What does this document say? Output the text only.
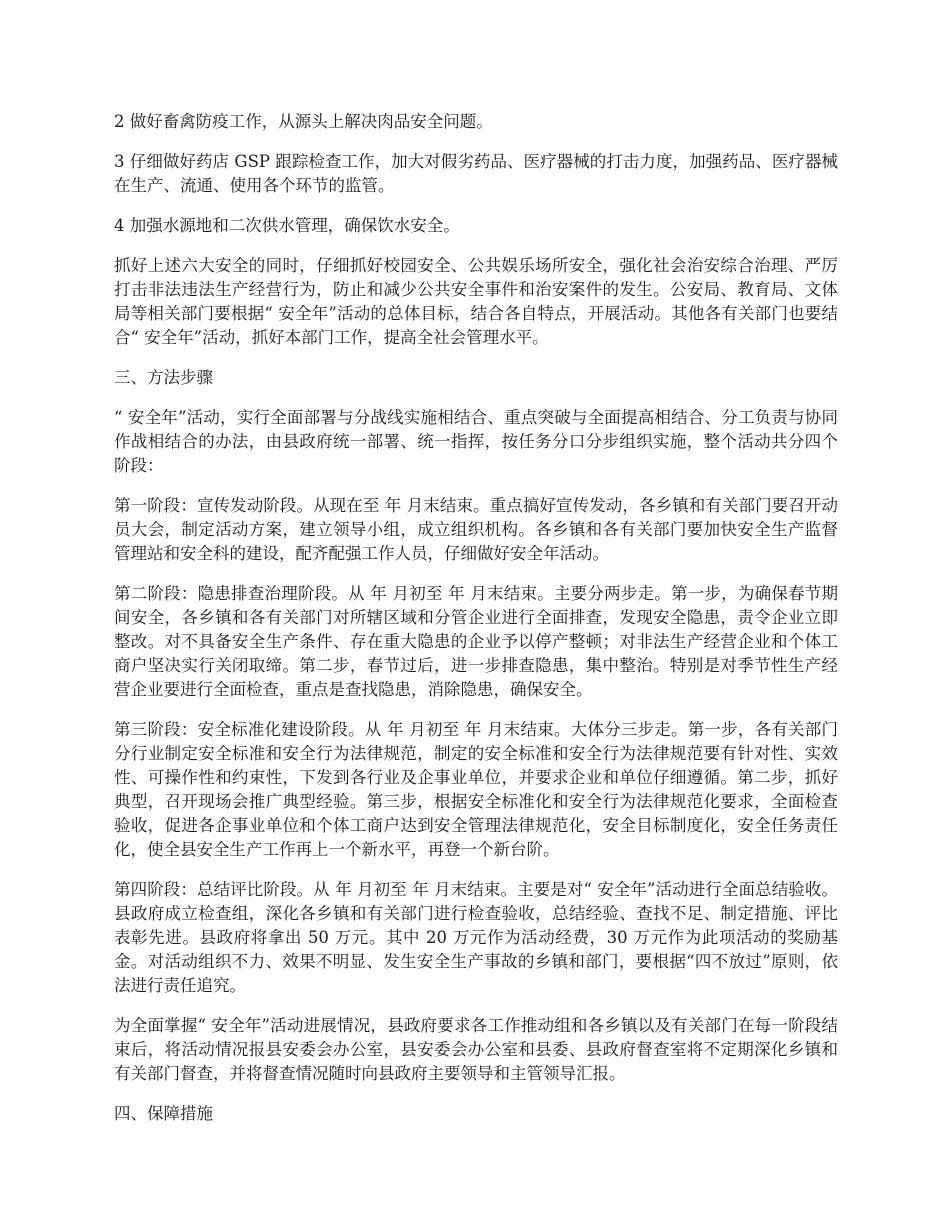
2 做好畜禽防疫工作，从源头上解决肉品安全问题。

3 仔细做好药店 GSP 跟踪检查工作，加大对假劣药品、医疗器械的打击力度，加强药品、医疗器械在生产、流通、使用各个环节的监管。

4 加强水源地和二次供水管理，确保饮水安全。

抓好上述六大安全的同时，仔细抓好校园安全、公共娱乐场所安全，强化社会治安综合治理、严厉打击非法违法生产经营行为，防止和减少公共安全事件和治安案件的发生。公安局、教育局、文体局等相关部门要根据“ 安全年”活动的总体目标，结合各自特点，开展活动。其他各有关部门也要结合“ 安全年”活动，抓好本部门工作，提高全社会管理水平。

三、方法步骤

“ 安全年”活动，实行全面部署与分战线实施相结合、重点突破与全面提高相结合、分工负责与协同作战相结合的办法，由县政府统一部署、统一指挥，按任务分口分步组织实施，整个活动共分四个阶段：

第一阶段：宣传发动阶段。从现在至 年 月末结束。重点搞好宣传发动，各乡镇和有关部门要召开动员大会，制定活动方案，建立领导小组，成立组织机构。各乡镇和各有关部门要加快安全生产监督管理站和安全科的建设，配齐配强工作人员，仔细做好安全年活动。

第二阶段：隐患排查治理阶段。从 年 月初至 年 月末结束。主要分两步走。第一步，为确保春节期间安全，各乡镇和各有关部门对所辖区域和分管企业进行全面排查，发现安全隐患，责令企业立即整改。对不具备安全生产条件、存在重大隐患的企业予以停产整顿；对非法生产经营企业和个体工商户坚决实行关闭取缔。第二步，春节过后，进一步排查隐患，集中整治。特别是对季节性生产经营企业要进行全面检查，重点是查找隐患，消除隐患，确保安全。

第三阶段：安全标准化建设阶段。从 年 月初至 年 月末结束。大体分三步走。第一步，各有关部门分行业制定安全标准和安全行为法律规范，制定的安全标准和安全行为法律规范要有针对性、实效性、可操作性和约束性，下发到各行业及企事业单位，并要求企业和单位仔细遵循。第二步，抓好典型，召开现场会推广典型经验。第三步，根据安全标准化和安全行为法律规范化要求，全面检查验收，促进各企事业单位和个体工商户达到安全管理法律规范化，安全目标制度化，安全任务责任化，使全县安全生产工作再上一个新水平，再登一个新台阶。

第四阶段：总结评比阶段。从 年 月初至 年 月末结束。主要是对“ 安全年”活动进行全面总结验收。县政府成立检查组，深化各乡镇和有关部门进行检查验收，总结经验、查找不足、制定措施、评比表彰先进。县政府将拿出 50 万元。其中 20 万元作为活动经费，30 万元作为此项活动的奖励基金。对活动组织不力、效果不明显、发生安全生产事故的乡镇和部门，要根据“四不放过”原则，依法进行责任追究。

为全面掌握“ 安全年”活动进展情况，县政府要求各工作推动组和各乡镇以及有关部门在每一阶段结束后，将活动情况报县安委会办公室，县安委会办公室和县委、县政府督查室将不定期深化乡镇和有关部门督查，并将督查情况随时向县政府主要领导和主管领导汇报。

四、保障措施
